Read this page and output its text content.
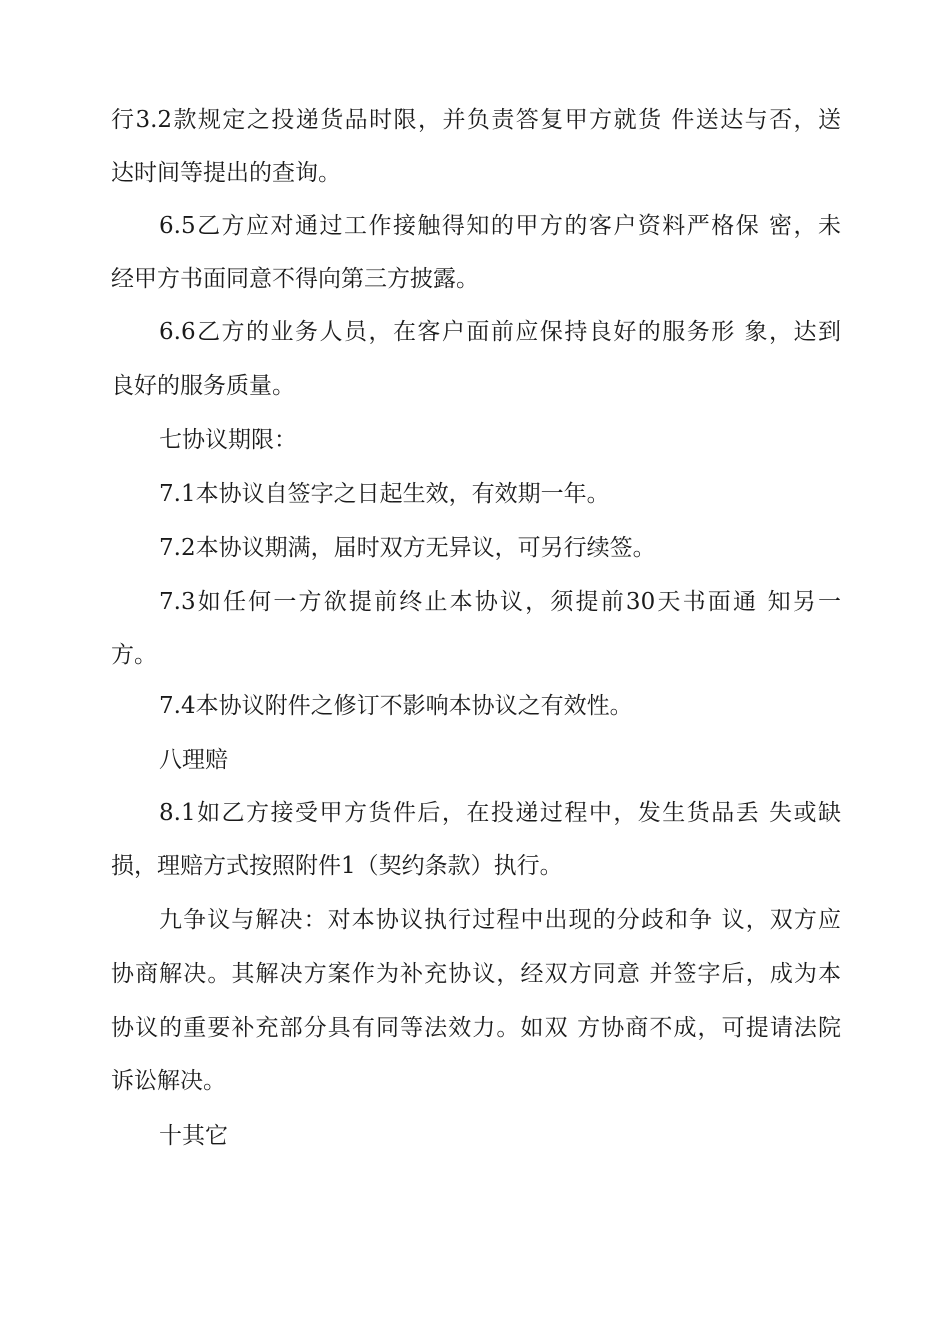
行3.2款规定之投递货品时限，并负责答复甲方就货 件送达与否，送
达时间等提出的查询。
6.5乙方应对通过工作接触得知的甲方的客户资料严格保 密，未
经甲方书面同意不得向第三方披露。
6.6乙方的业务人员，在客户面前应保持良好的服务形 象，达到
良好的服务质量。
七协议期限：
7.1本协议自签字之日起生效，有效期一年。
7.2本协议期满，届时双方无异议，可另行续签。
7.3如任何一方欲提前终止本协议，须提前30天书面通 知另一
方。
7.4本协议附件之修订不影响本协议之有效性。
八理赔
8.1如乙方接受甲方货件后，在投递过程中，发生货品丢 失或缺
损，理赔方式按照附件1（契约条款）执行。
九争议与解决：对本协议执行过程中出现的分歧和争 议，双方应
协商解决。其解决方案作为补充协议，经双方同意 并签字后，成为本
协议的重要补充部分具有同等法效力。如双 方协商不成，可提请法院
诉讼解决。
十其它
